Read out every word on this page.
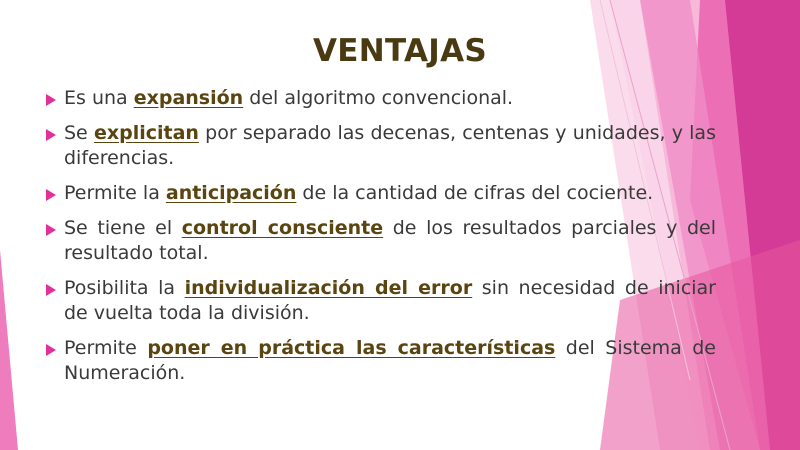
VENTAJAS
Es una expansión del algoritmo convencional.
Se explicitan por separado las decenas, centenas y unidades, y las diferencias.
Permite la anticipación de la cantidad de cifras del cociente.
Se tiene el control consciente de los resultados parciales y del resultado total.
Posibilita la individualización del error sin necesidad de iniciar de vuelta toda la división.
Permite poner en práctica las características del Sistema de Numeración.
